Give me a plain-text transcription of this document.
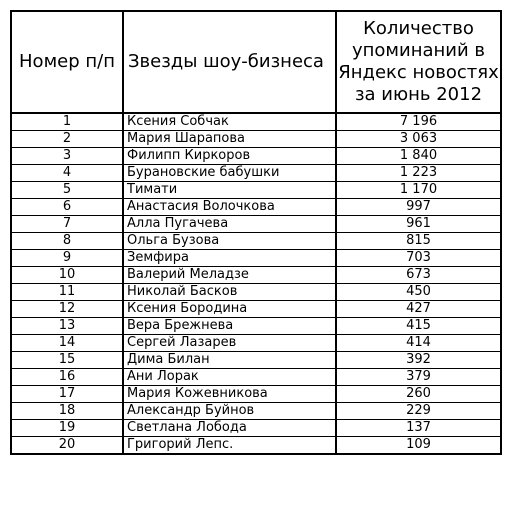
Номер п/п	Звезды шоу-бизнеса	Количество
упоминаний в
Яндекс новостях
за июнь 2012

1	Ксения Собчак	7 196
2	Мария Шарапова	3 063
3	Филипп Киркоров	1 840
4	Бурановские бабушки	1 223
5	Тимати	1 170
6	Анастасия Волочкова	997
7	Алла Пугачева	961
8	Ольга Бузова	815
9	Земфира	703
10	Валерий Меладзе	673
11	Николай Басков	450
12	Ксения Бородина	427
13	Вера Брежнева	415
14	Сергей Лазарев	414
15	Дима Билан	392
16	Ани Лорак	379
17	Мария Кожевникова	260
18	Александр Буйнов	229
19	Светлана Лобода	137
20	Григорий Лепс.	109
